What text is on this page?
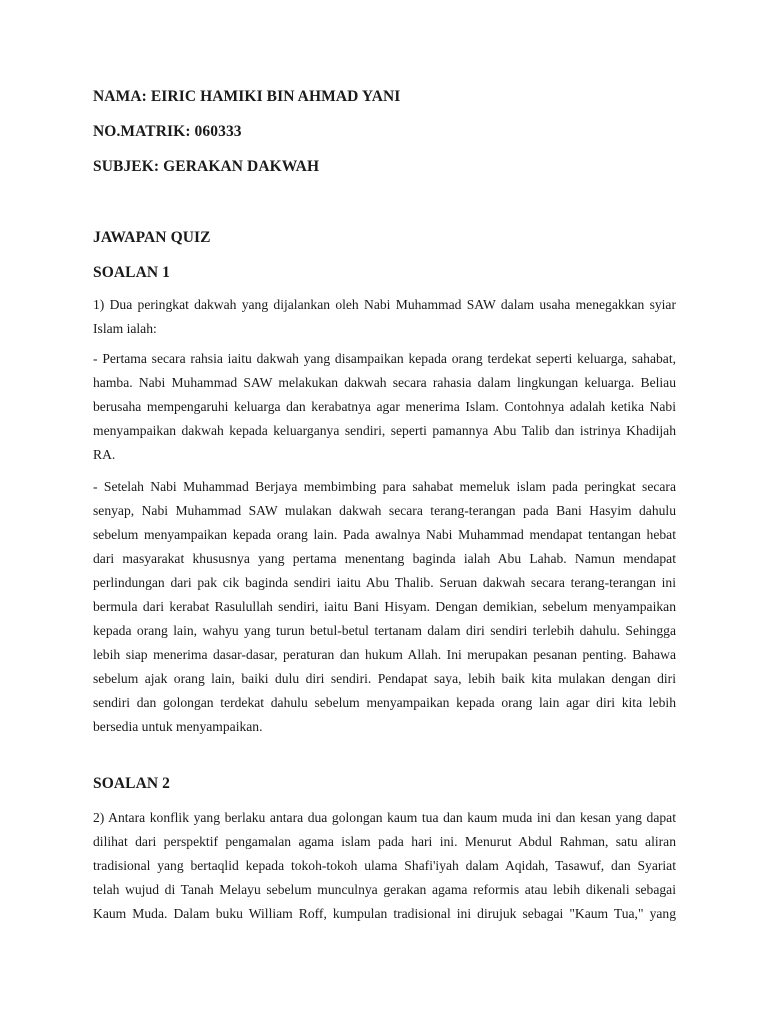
NAMA: EIRIC HAMIKI BIN AHMAD YANI
NO.MATRIK: 060333
SUBJEK: GERAKAN DAKWAH
JAWAPAN QUIZ
SOALAN 1
1) Dua peringkat dakwah yang dijalankan oleh Nabi Muhammad SAW dalam usaha menegakkan syiar
Islam ialah:
- Pertama secara rahsia iaitu dakwah yang disampaikan kepada orang terdekat seperti keluarga, sahabat,
hamba. Nabi Muhammad SAW melakukan dakwah secara rahasia dalam lingkungan keluarga. Beliau
berusaha mempengaruhi keluarga dan kerabatnya agar menerima Islam. Contohnya adalah ketika Nabi
menyampaikan dakwah kepada keluarganya sendiri, seperti pamannya Abu Talib dan istrinya Khadijah
RA.
- Setelah Nabi Muhammad Berjaya membimbing para sahabat memeluk islam pada peringkat secara
senyap, Nabi Muhammad SAW mulakan dakwah secara terang-terangan pada Bani Hasyim dahulu
sebelum menyampaikan kepada orang lain. Pada awalnya Nabi Muhammad mendapat tentangan hebat
dari masyarakat khususnya yang pertama menentang baginda ialah Abu Lahab. Namun mendapat
perlindungan dari pak cik baginda sendiri iaitu Abu Thalib. Seruan dakwah secara terang-terangan ini
bermula dari kerabat Rasulullah sendiri, iaitu Bani Hisyam. Dengan demikian, sebelum menyampaikan
kepada orang lain, wahyu yang turun betul-betul tertanam dalam diri sendiri terlebih dahulu. Sehingga
lebih siap menerima dasar-dasar, peraturan dan hukum Allah. Ini merupakan pesanan penting. Bahawa
sebelum ajak orang lain, baiki dulu diri sendiri. Pendapat saya, lebih baik kita mulakan dengan diri
sendiri dan golongan terdekat dahulu sebelum menyampaikan kepada orang lain agar diri kita lebih
bersedia untuk menyampaikan.
SOALAN 2
2) Antara konflik yang berlaku antara dua golongan kaum tua dan kaum muda ini dan kesan yang dapat
dilihat dari perspektif pengamalan agama islam pada hari ini. Menurut Abdul Rahman, satu aliran
tradisional yang bertaqlid kepada tokoh-tokoh ulama Shafi'iyah dalam Aqidah, Tasawuf, dan Syariat
telah wujud di Tanah Melayu sebelum munculnya gerakan agama reformis atau lebih dikenali sebagai
Kaum Muda. Dalam buku William Roff, kumpulan tradisional ini dirujuk sebagai "Kaum Tua," yang
